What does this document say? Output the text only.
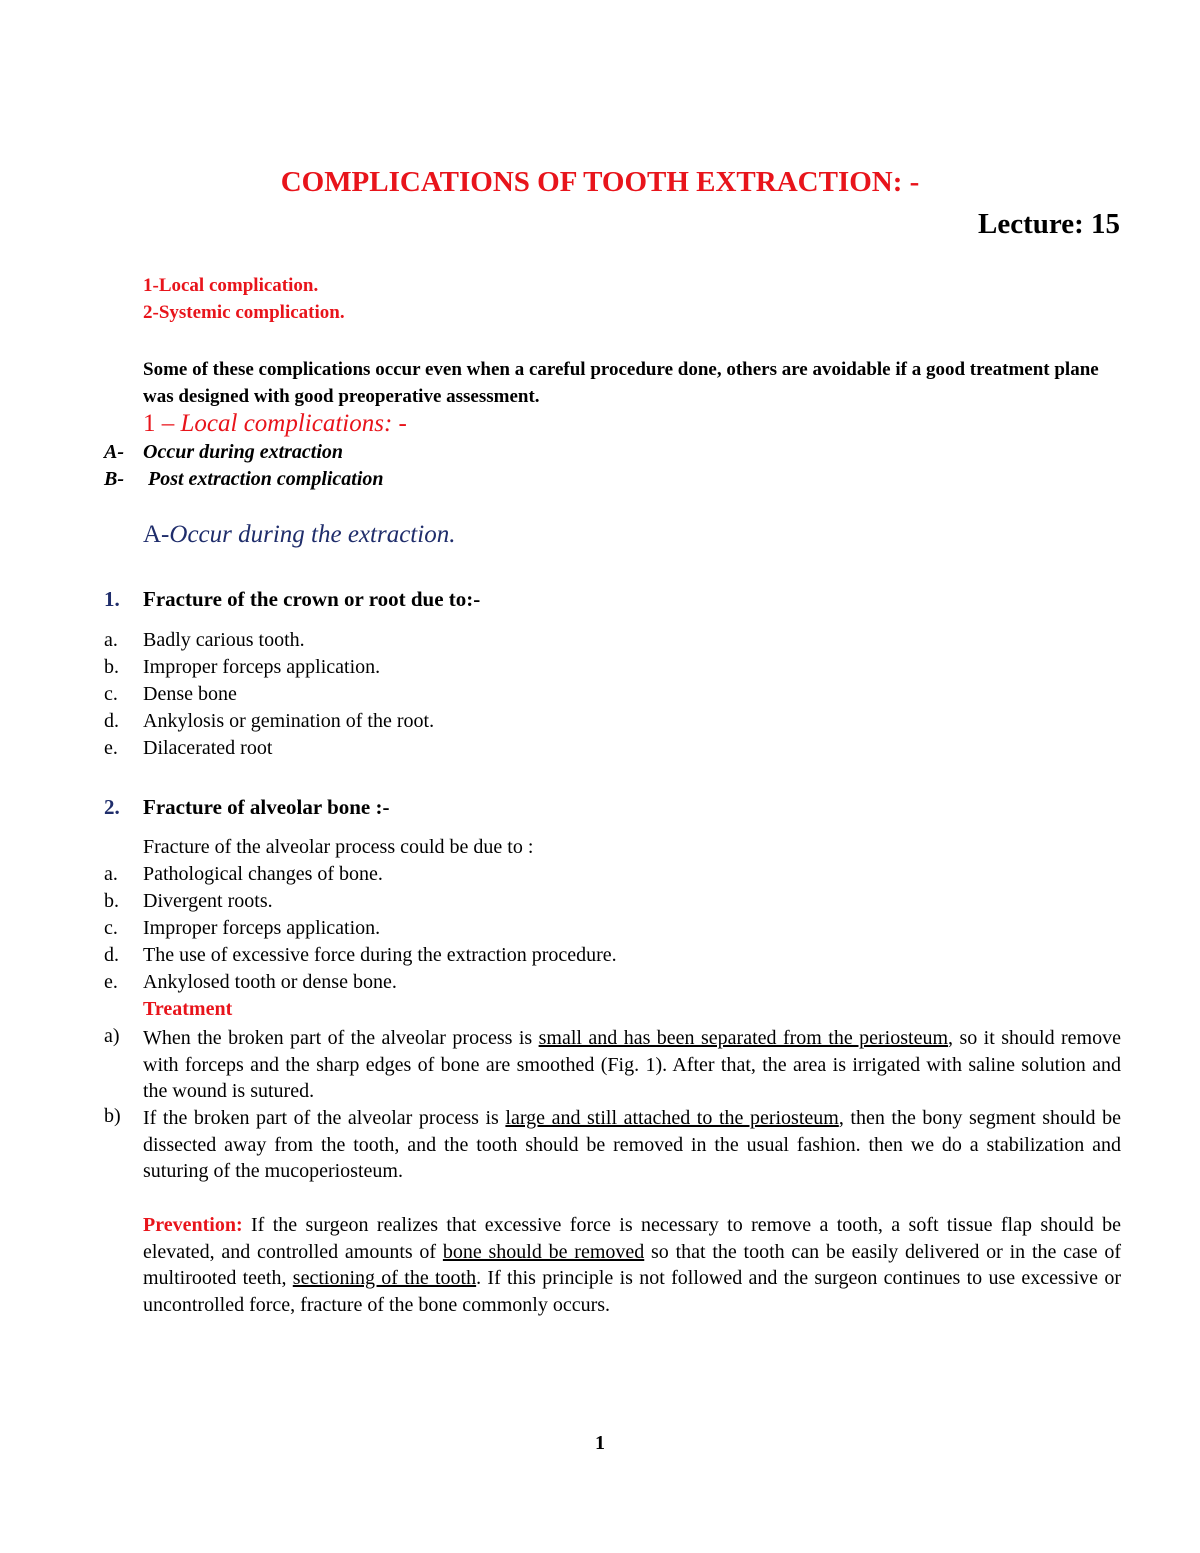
COMPLICATIONS OF TOOTH EXTRACTION: -
Lecture: 15
1-Local complication.
2-Systemic complication.
Some of these complications occur even when a careful procedure done, others are avoidable if a good treatment plane was designed with good preoperative assessment.
1 – Local complications: -
A- Occur during extraction
B- Post extraction complication
A-Occur during the extraction.
1. Fracture of the crown or root due to:-
a. Badly carious tooth.
b. Improper forceps application.
c. Dense bone
d. Ankylosis or gemination of the root.
e. Dilacerated root
2. Fracture of alveolar bone :-
Fracture of the alveolar process could be due to :
a. Pathological changes of bone.
b. Divergent roots.
c. Improper forceps application.
d. The use of excessive force during the extraction procedure.
e. Ankylosed tooth or dense bone.
Treatment
a) When the broken part of the alveolar process is small and has been separated from the periosteum, so it should remove with forceps and the sharp edges of bone are smoothed (Fig. 1). After that, the area is irrigated with saline solution and the wound is sutured.
b) If the broken part of the alveolar process is large and still attached to the periosteum, then the bony segment should be dissected away from the tooth, and the tooth should be removed in the usual fashion. then we do a stabilization and suturing of the mucoperiosteum.
Prevention: If the surgeon realizes that excessive force is necessary to remove a tooth, a soft tissue flap should be elevated, and controlled amounts of bone should be removed so that the tooth can be easily delivered or in the case of multirooted teeth, sectioning of the tooth. If this principle is not followed and the surgeon continues to use excessive or uncontrolled force, fracture of the bone commonly occurs.
1
